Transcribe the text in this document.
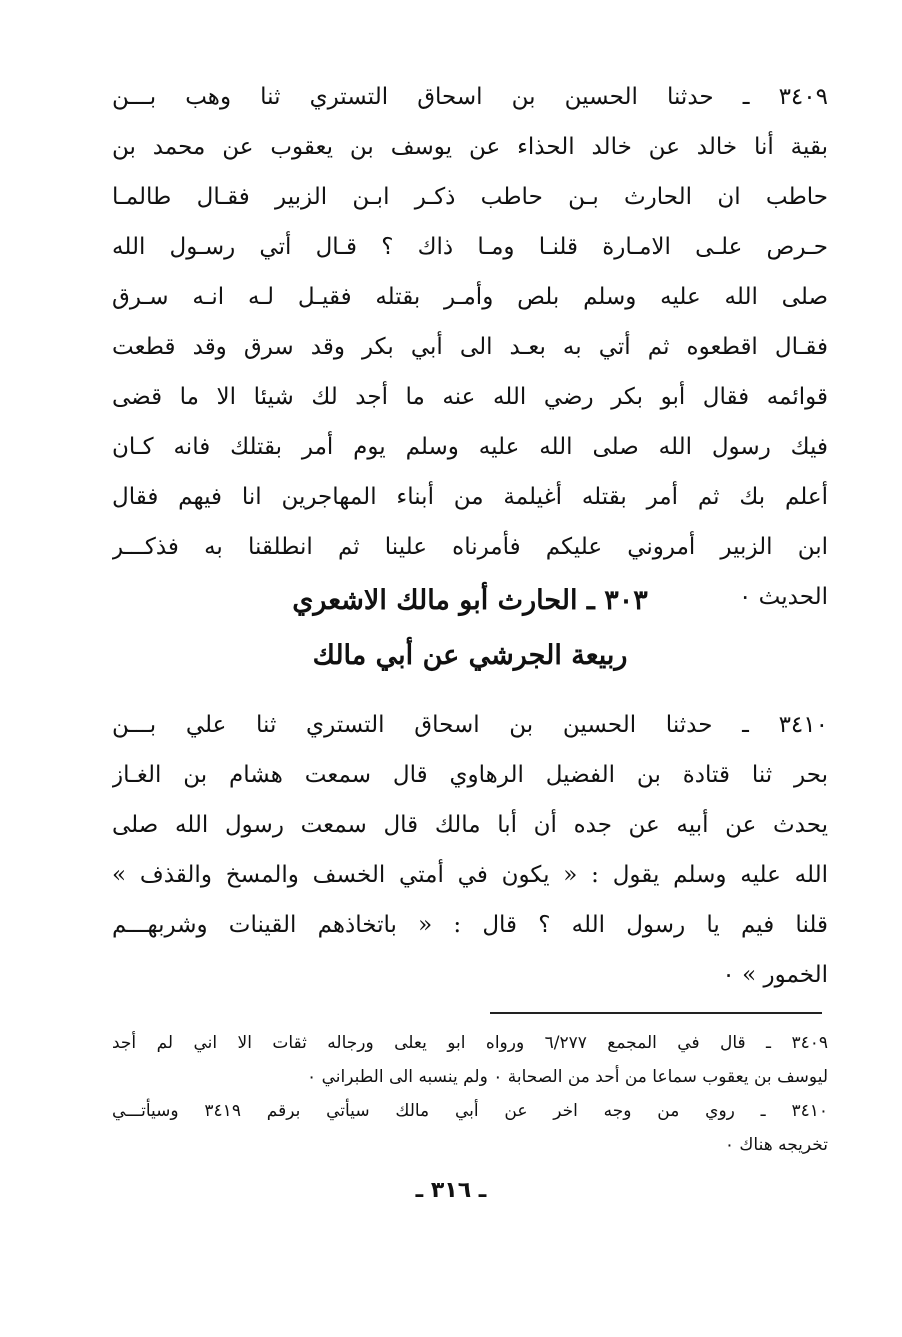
٣٤٠٩ ـ حدثنا الحسين بن اسحاق التستري ثنا وهب بـــن
بقية أنا خالد عن خالد الحذاء عن يوسف بن يعقوب عن محمد بن
حاطب ان الحارث بـن حاطب ذكـر ابـن الزبير فقـال طالمـا
حـرص علـى الامـارة قلنـا ومـا ذاك ؟ قـال أتي رسـول الله
صلى الله عليه وسلم بلص وأمـر بقتله فقيـل لـه انـه سـرق
فقـال اقطعوه ثم أتي به بعـد الى أبي بكر وقد سرق وقد قطعت
قوائمه فقال أبو بكر رضي الله عنه ما أجد لك شيئا الا ما قضى
فيك رسول الله صلى الله عليه وسلم يوم أمر بقتلك فانه كـان
أعلم بك ثم أمر بقتله أغيلمة من أبناء المهاجرين انا فيهم فقال
ابن الزبير أمروني عليكم فأمرناه علينا ثم انطلقنا به فذكـــر
الحديث ٠
٣٠٣ ـ الحارث أبو مالك الاشعري
ربيعة الجرشي عن أبي مالك
٣٤١٠ ـ حدثنا الحسين بن اسحاق التستري ثنا علي بـــن
بحر ثنا قتادة بن الفضيل الرهاوي قال سمعت هشام بن الغـاز
يحدث عن أبيه عن جده أن أبا مالك قال سمعت رسول الله صلى
الله عليه وسلم يقول : « يكون في أمتي الخسف والمسخ والقذف »
قلنا فيم يا رسول الله ؟ قال : « باتخاذهم القينات وشربهـــم
الخمور » ٠
٣٤٠٩ ـ قال في المجمع ٦/٢٧٧ ورواه ابو يعلى ورجاله ثقات الا اني لم أجد
ليوسف بن يعقوب سماعا من أحد من الصحابة ٠ ولم ينسبه الى الطبراني ٠
٣٤١٠ ـ روي من وجه اخر عن أبي مالك سيأتي برقم ٣٤١٩ وسيأتـــي
تخريجه هناك ٠
ـ ٣١٦ ـ
